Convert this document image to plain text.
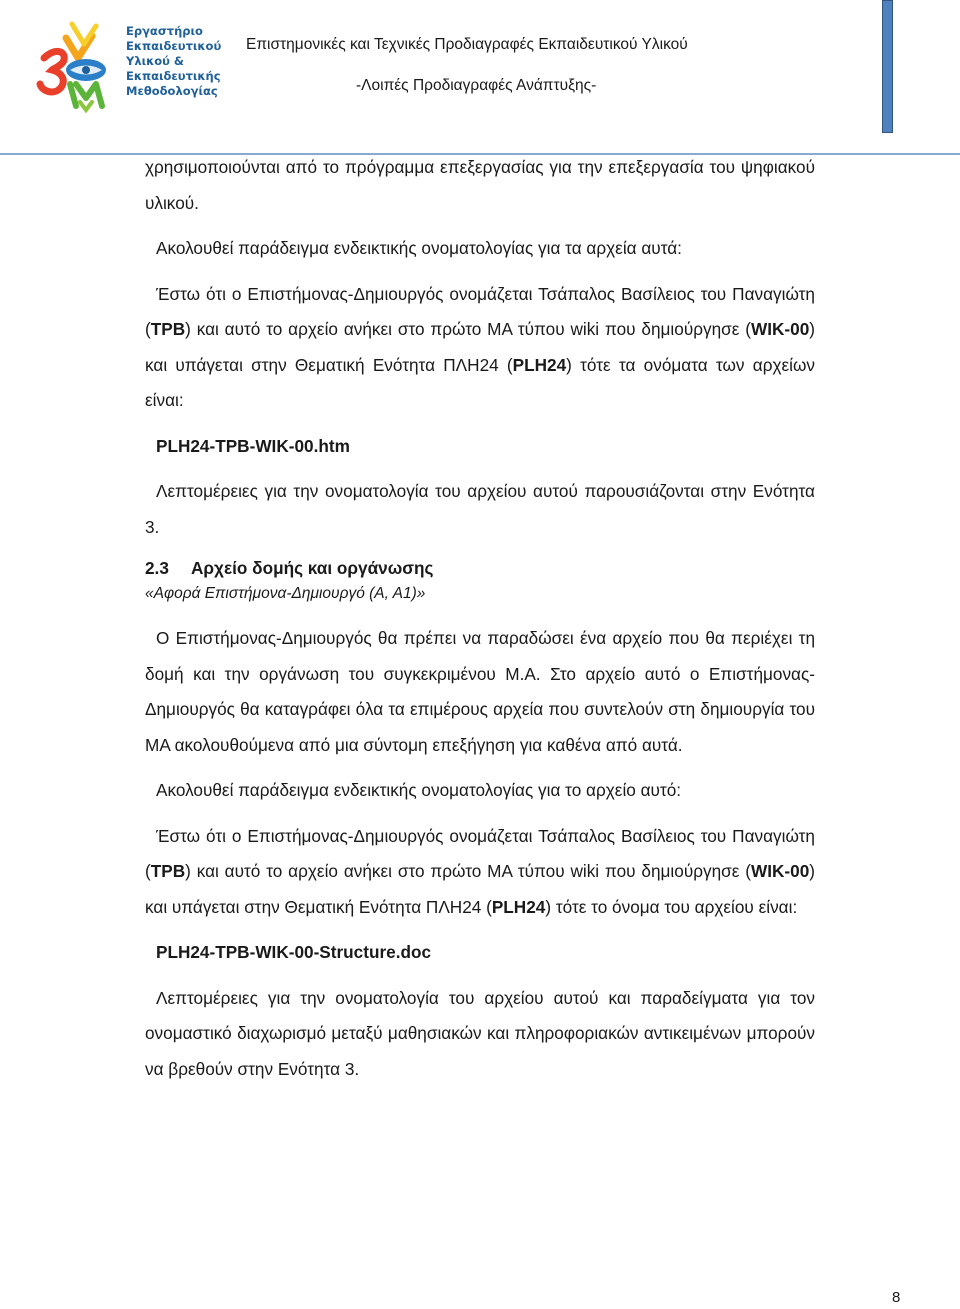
Εργαστήριο
Εκπαιδευτικού
Υλικού &
Εκπαιδευτικής
Μεθοδολογίας
Επιστημονικές και Τεχνικές Προδιαγραφές Εκπαιδευτικού Υλικού
-Λοιπές Προδιαγραφές Ανάπτυξης-

χρησιμοποιούνται από το πρόγραμμα επεξεργασίας για την επεξεργασία του ψηφιακού υλικού.

Ακολουθεί παράδειγμα ενδεικτικής ονοματολογίας για τα αρχεία αυτά:

Έστω ότι ο Επιστήμονας-Δημιουργός ονομάζεται Τσάπαλος Βασίλειος του Παναγιώτη (TPB) και αυτό το αρχείο ανήκει στο πρώτο ΜΑ τύπου wiki που δημιούργησε (WIK-00) και υπάγεται στην Θεματική Ενότητα ΠΛΗ24 (PLH24) τότε τα ονόματα των αρχείων είναι:

PLH24-TPB-WIK-00.htm

Λεπτομέρειες για την ονοματολογία του αρχείου αυτού παρουσιάζονται στην Ενότητα 3.

2.3 Αρχείο δομής και οργάνωσης
«Αφορά Επιστήμονα-Δημιουργό (Α, Α1)»

Ο Επιστήμονας-Δημιουργός θα πρέπει να παραδώσει ένα αρχείο που θα περιέχει τη δομή και την οργάνωση του συγκεκριμένου Μ.Α. Στο αρχείο αυτό ο Επιστήμονας-Δημιουργός θα καταγράφει όλα τα επιμέρους αρχεία που συντελούν στη δημιουργία του ΜΑ ακολουθούμενα από μια σύντομη επεξήγηση για καθένα από αυτά.

Ακολουθεί παράδειγμα ενδεικτικής ονοματολογίας για το αρχείο αυτό:

Έστω ότι ο Επιστήμονας-Δημιουργός ονομάζεται Τσάπαλος Βασίλειος του Παναγιώτη (TPB) και αυτό το αρχείο ανήκει στο πρώτο ΜΑ τύπου wiki που δημιούργησε (WIK-00) και υπάγεται στην Θεματική Ενότητα ΠΛΗ24 (PLH24) τότε το όνομα του αρχείου είναι:

PLH24-TPB-WIK-00-Structure.doc

Λεπτομέρειες για την ονοματολογία του αρχείου αυτού και παραδείγματα για τον ονομαστικό διαχωρισμό μεταξύ μαθησιακών και πληροφοριακών αντικειμένων μπορούν να βρεθούν στην Ενότητα 3.

8
